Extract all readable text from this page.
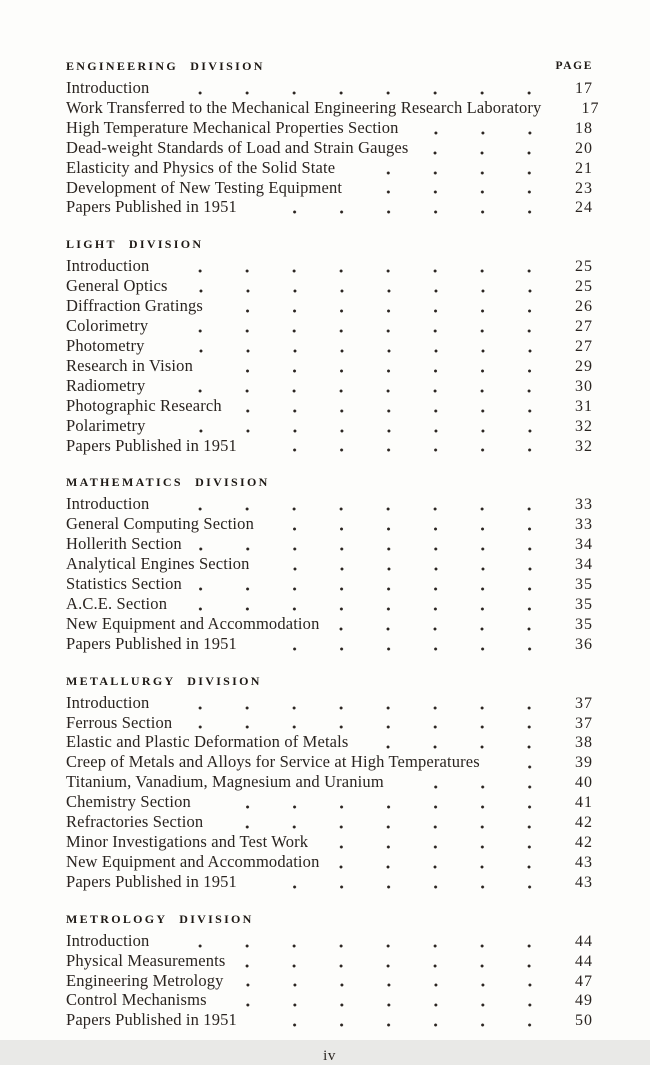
PAGE
ENGINEERING DIVISION
Introduction	17
Work Transferred to the Mechanical Engineering Research Laboratory	17
High Temperature Mechanical Properties Section	18
Dead-weight Standards of Load and Strain Gauges	20
Elasticity and Physics of the Solid State	21
Development of New Testing Equipment	23
Papers Published in 1951	24
LIGHT DIVISION
Introduction	25
General Optics	25
Diffraction Gratings	26
Colorimetry	27
Photometry	27
Research in Vision	29
Radiometry	30
Photographic Research	31
Polarimetry	32
Papers Published in 1951	32
MATHEMATICS DIVISION
Introduction	33
General Computing Section	33
Hollerith Section	34
Analytical Engines Section	34
Statistics Section	35
A.C.E. Section	35
New Equipment and Accommodation	35
Papers Published in 1951	36
METALLURGY DIVISION
Introduction	37
Ferrous Section	37
Elastic and Plastic Deformation of Metals	38
Creep of Metals and Alloys for Service at High Temperatures	39
Titanium, Vanadium, Magnesium and Uranium	40
Chemistry Section	41
Refractories Section	42
Minor Investigations and Test Work	42
New Equipment and Accommodation	43
Papers Published in 1951	43
METROLOGY DIVISION
Introduction	44
Physical Measurements	44
Engineering Metrology	47
Control Mechanisms	49
Papers Published in 1951	50
iv
